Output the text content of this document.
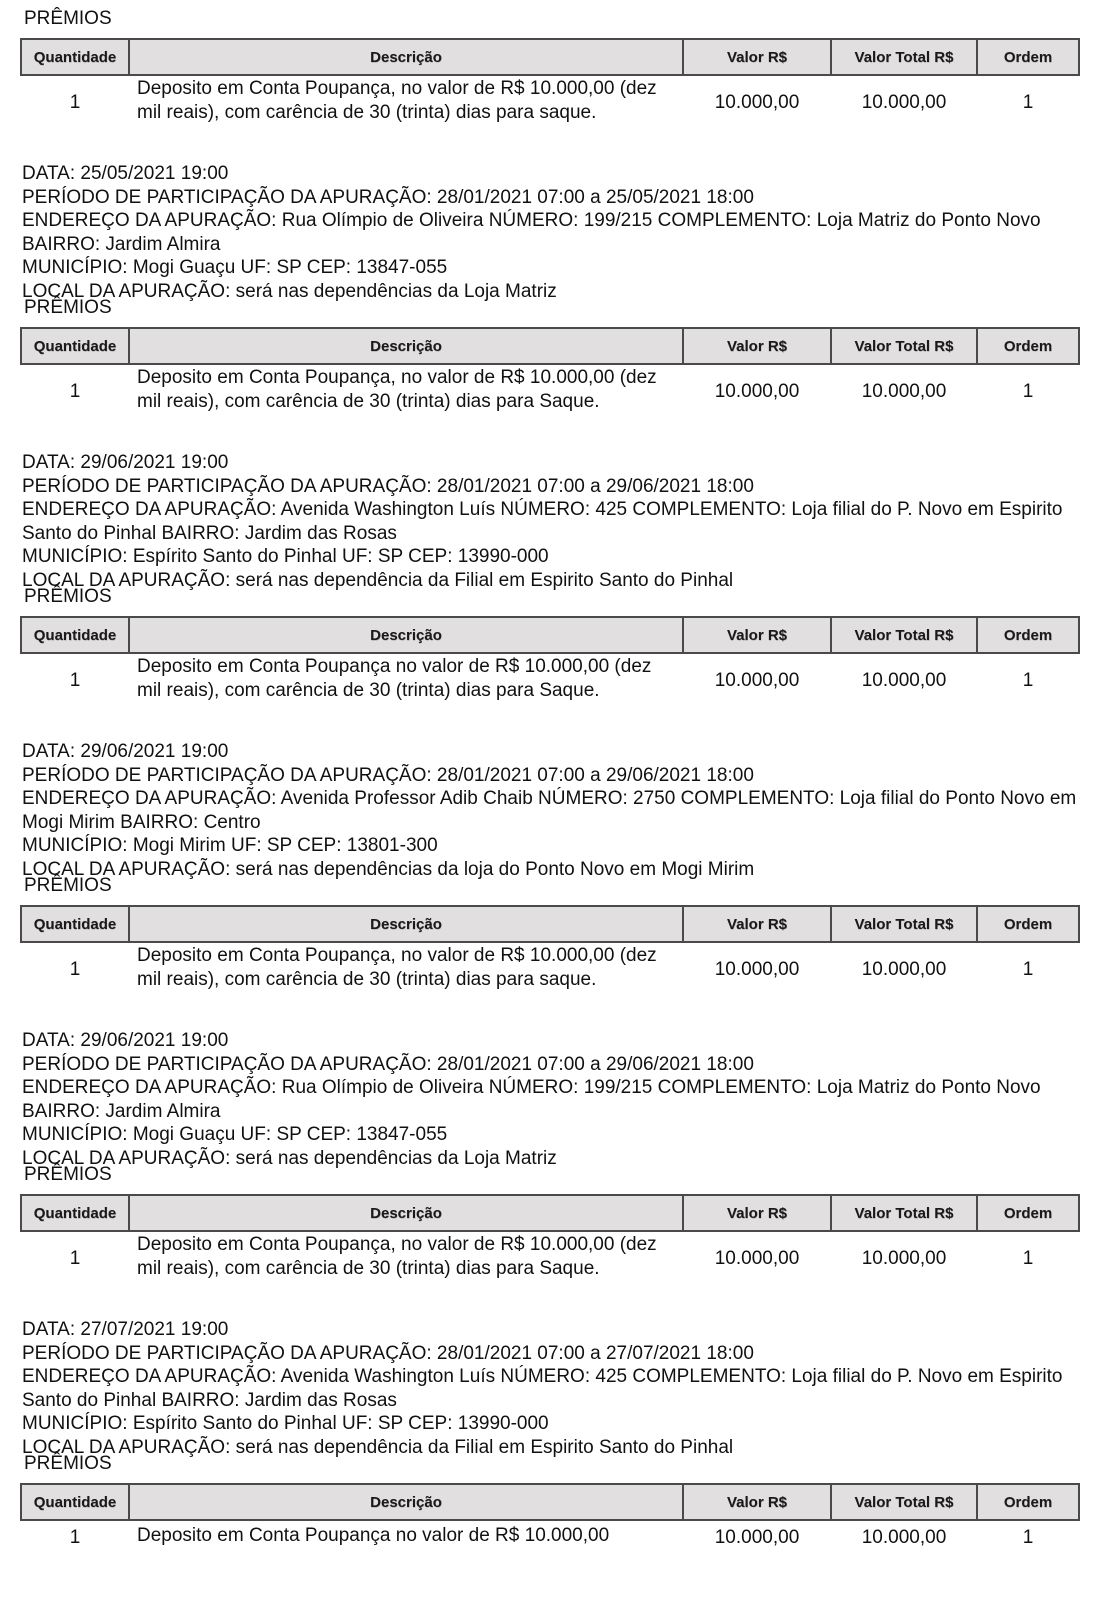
PRÊMIOS
Quantidade	Descrição	Valor R$	Valor Total R$	Ordem
1	Deposito em Conta Poupança, no valor de R$ 10.000,00 (dez mil reais), com carência de 30 (trinta) dias para saque.	10.000,00	10.000,00	1
DATA: 25/05/2021 19:00
PERÍODO DE PARTICIPAÇÃO DA APURAÇÃO: 28/01/2021 07:00 a 25/05/2021 18:00
ENDEREÇO DA APURAÇÃO: Rua Olímpio de Oliveira NÚMERO: 199/215 COMPLEMENTO: Loja Matriz do Ponto Novo BAIRRO: Jardim Almira
MUNICÍPIO: Mogi Guaçu UF: SP CEP: 13847-055
LOCAL DA APURAÇÃO: será nas dependências da Loja Matriz
PRÊMIOS
Quantidade	Descrição	Valor R$	Valor Total R$	Ordem
1	Deposito em Conta Poupança, no valor de R$ 10.000,00 (dez mil reais), com carência de 30 (trinta) dias para Saque.	10.000,00	10.000,00	1
DATA: 29/06/2021 19:00
PERÍODO DE PARTICIPAÇÃO DA APURAÇÃO: 28/01/2021 07:00 a 29/06/2021 18:00
ENDEREÇO DA APURAÇÃO: Avenida Washington Luís NÚMERO: 425 COMPLEMENTO: Loja filial do P. Novo em Espirito Santo do Pinhal BAIRRO: Jardim das Rosas
MUNICÍPIO: Espírito Santo do Pinhal UF: SP CEP: 13990-000
LOCAL DA APURAÇÃO: será nas dependência da Filial em Espirito Santo do Pinhal
PRÊMIOS
Quantidade	Descrição	Valor R$	Valor Total R$	Ordem
1	Deposito em Conta Poupança no valor de R$ 10.000,00 (dez mil reais), com carência de 30 (trinta) dias para Saque.	10.000,00	10.000,00	1
DATA: 29/06/2021 19:00
PERÍODO DE PARTICIPAÇÃO DA APURAÇÃO: 28/01/2021 07:00 a 29/06/2021 18:00
ENDEREÇO DA APURAÇÃO: Avenida Professor Adib Chaib NÚMERO: 2750 COMPLEMENTO: Loja filial do Ponto Novo em Mogi Mirim BAIRRO: Centro
MUNICÍPIO: Mogi Mirim UF: SP CEP: 13801-300
LOCAL DA APURAÇÃO: será nas dependências da loja do Ponto Novo em Mogi Mirim
PRÊMIOS
Quantidade	Descrição	Valor R$	Valor Total R$	Ordem
1	Deposito em Conta Poupança, no valor de R$ 10.000,00 (dez mil reais), com carência de 30 (trinta) dias para saque.	10.000,00	10.000,00	1
DATA: 29/06/2021 19:00
PERÍODO DE PARTICIPAÇÃO DA APURAÇÃO: 28/01/2021 07:00 a 29/06/2021 18:00
ENDEREÇO DA APURAÇÃO: Rua Olímpio de Oliveira NÚMERO: 199/215 COMPLEMENTO: Loja Matriz do Ponto Novo BAIRRO: Jardim Almira
MUNICÍPIO: Mogi Guaçu UF: SP CEP: 13847-055
LOCAL DA APURAÇÃO: será nas dependências da Loja Matriz
PRÊMIOS
Quantidade	Descrição	Valor R$	Valor Total R$	Ordem
1	Deposito em Conta Poupança, no valor de R$ 10.000,00 (dez mil reais), com carência de 30 (trinta) dias para Saque.	10.000,00	10.000,00	1
DATA: 27/07/2021 19:00
PERÍODO DE PARTICIPAÇÃO DA APURAÇÃO: 28/01/2021 07:00 a 27/07/2021 18:00
ENDEREÇO DA APURAÇÃO: Avenida Washington Luís NÚMERO: 425 COMPLEMENTO: Loja filial do P. Novo em Espirito Santo do Pinhal BAIRRO: Jardim das Rosas
MUNICÍPIO: Espírito Santo do Pinhal UF: SP CEP: 13990-000
LOCAL DA APURAÇÃO: será nas dependência da Filial em Espirito Santo do Pinhal
PRÊMIOS
Quantidade	Descrição	Valor R$	Valor Total R$	Ordem
1	Deposito em Conta Poupança no valor de R$ 10.000,00	10.000,00	10.000,00	1
